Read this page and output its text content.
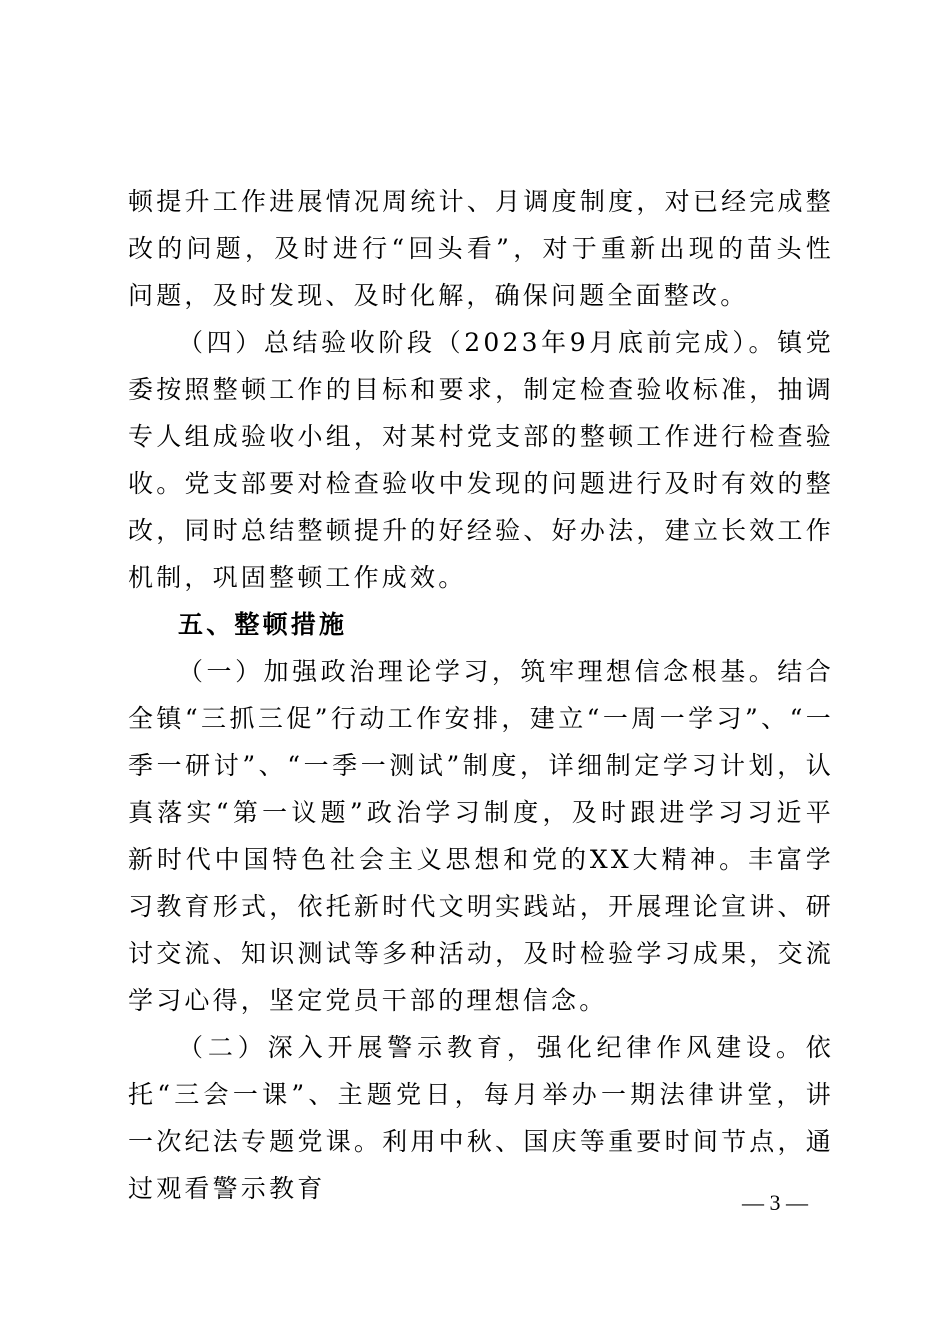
顿提升工作进展情况周统计、月调度制度，对已经完成整改的问题，及时进行“回头看”，对于重新出现的苗头性问题，及时发现、及时化解，确保问题全面整改。

（四）总结验收阶段（2023年9月底前完成）。镇党委按照整顿工作的目标和要求，制定检查验收标准，抽调专人组成验收小组，对某村党支部的整顿工作进行检查验收。党支部要对检查验收中发现的问题进行及时有效的整改，同时总结整顿提升的好经验、好办法，建立长效工作机制，巩固整顿工作成效。

五、整顿措施

（一）加强政治理论学习，筑牢理想信念根基。结合全镇“三抓三促”行动工作安排，建立“一周一学习”、“一季一研讨”、“一季一测试”制度，详细制定学习计划，认真落实“第一议题”政治学习制度，及时跟进学习习近平新时代中国特色社会主义思想和党的XX大精神。丰富学习教育形式，依托新时代文明实践站，开展理论宣讲、研讨交流、知识测试等多种活动，及时检验学习成果，交流学习心得，坚定党员干部的理想信念。

（二）深入开展警示教育，强化纪律作风建设。依托“三会一课”、主题党日，每月举办一期法律讲堂，讲一次纪法专题党课。利用中秋、国庆等重要时间节点，通过观看警示教育	— 3 —
